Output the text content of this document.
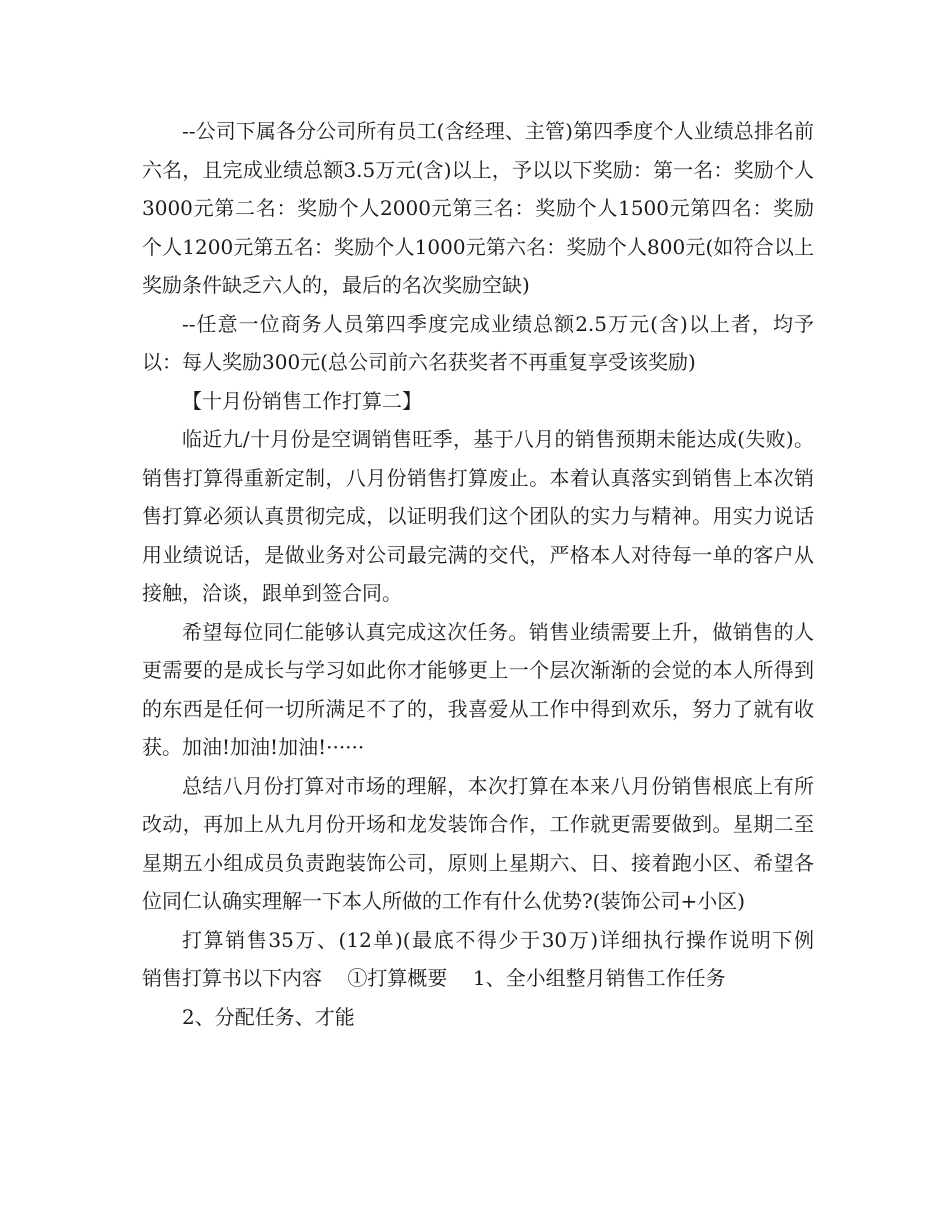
--公司下属各分公司所有员工(含经理、主管)第四季度个人业绩总排名前六名，且完成业绩总额3.5万元(含)以上，予以以下奖励：第一名：奖励个人3000元第二名：奖励个人2000元第三名：奖励个人1500元第四名：奖励个人1200元第五名：奖励个人1000元第六名：奖励个人800元(如符合以上奖励条件缺乏六人的，最后的名次奖励空缺)

--任意一位商务人员第四季度完成业绩总额2.5万元(含)以上者，均予以：每人奖励300元(总公司前六名获奖者不再重复享受该奖励)

【十月份销售工作打算二】

临近九/十月份是空调销售旺季，基于八月的销售预期未能达成(失败)。销售打算得重新定制，八月份销售打算废止。本着认真落实到销售上本次销售打算必须认真贯彻完成，以证明我们这个团队的实力与精神。用实力说话用业绩说话，是做业务对公司最完满的交代，严格本人对待每一单的客户从接触，洽谈，跟单到签合同。

希望每位同仁能够认真完成这次任务。销售业绩需要上升，做销售的人更需要的是成长与学习如此你才能够更上一个层次渐渐的会觉的本人所得到的东西是任何一切所满足不了的，我喜爱从工作中得到欢乐，努力了就有收获。加油!加油!加油!······

总结八月份打算对市场的理解，本次打算在本来八月份销售根底上有所改动，再加上从九月份开场和龙发装饰合作，工作就更需要做到。星期二至星期五小组成员负责跑装饰公司，原则上星期六、日、接着跑小区、希望各位同仁认确实理解一下本人所做的工作有什么优势?(装饰公司+小区)

打算销售35万、(12单)(最底不得少于30万)详细执行操作说明下例    销售打算书以下内容    ①打算概要    1、全小组整月销售工作任务

2、分配任务、才能
